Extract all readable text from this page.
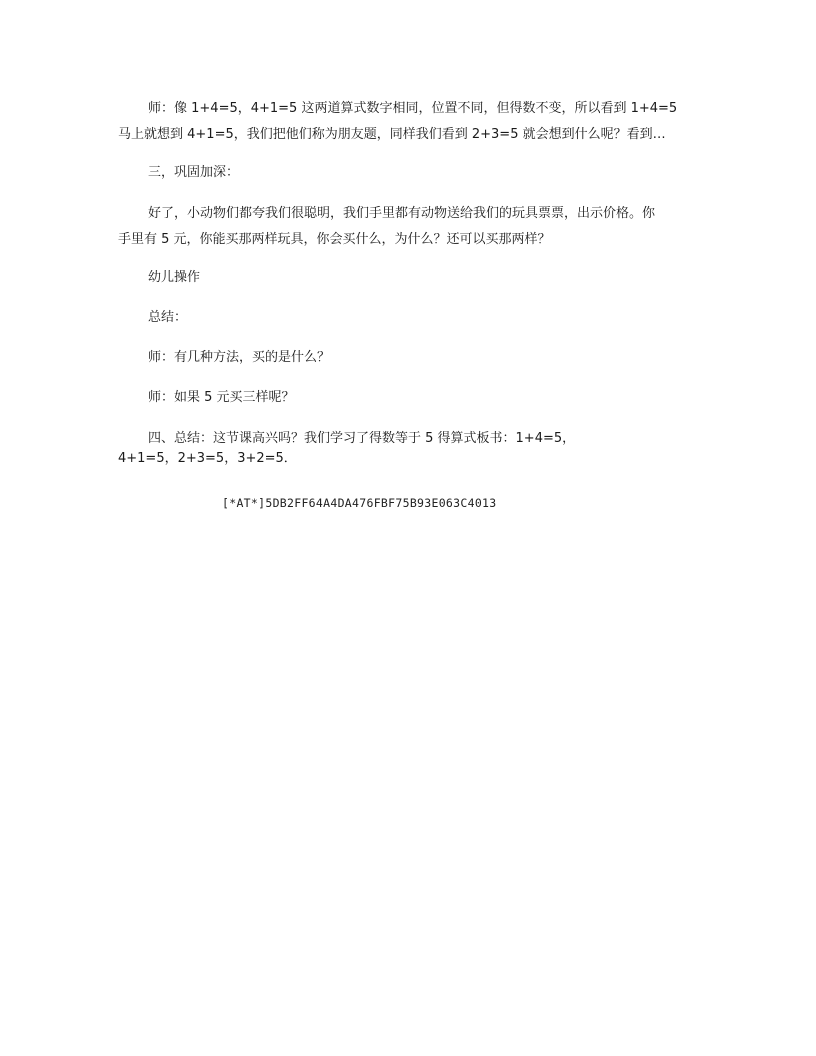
师：像 1+4=5，4+1=5 这两道算式数字相同，位置不同，但得数不变，所以看到 1+4=5

马上就想到 4+1=5，我们把他们称为朋友题，同样我们看到 2+3=5 就会想到什么呢？看到…

三，巩固加深：

好了，小动物们都夸我们很聪明，我们手里都有动物送给我们的玩具票票，出示价格。你

手里有 5 元，你能买那两样玩具，你会买什么，为什么？还可以买那两样？

幼儿操作

总结：

师：有几种方法，买的是什么？

师：如果 5 元买三样呢？

四、总结：这节课高兴吗？我们学习了得数等于 5 得算式板书：1+4=5，

4+1=5，2+3=5，3+2=5．

[*AT*]5DB2FF64A4DA476FBF75B93E063C4013
